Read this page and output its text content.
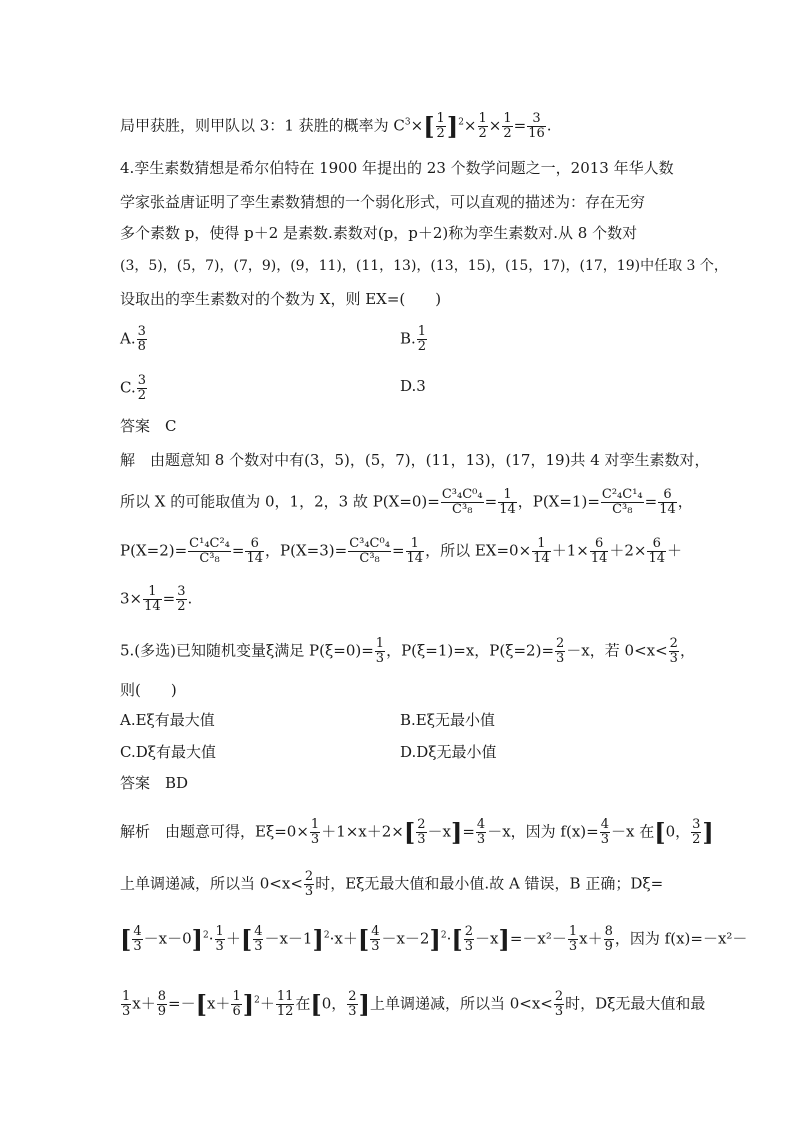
局甲获胜，则甲队以 3：1 获胜的概率为 $C^3\times[ \frac{1}{2} ]^2\times \frac{1}{2} \times \frac{1}{2} = \frac{3}{16}$ .
4.孪生素数猜想是希尔伯特在 1900 年提出的 23 个数学问题之一，2013 年华人数
学家张益唐证明了孪生素数猜想的一个弱化形式，可以直观的描述为：存在无穷
多个素数 p，使得 p＋2 是素数.素数对(p，p＋2)称为孪生素数对.从 8 个数对
(3，5)，(5，7)，(7，9)，(9，11)，(11，13)，(13，15)，(15，17)，(17，19)中任取 3 个，
设取出的孪生素数对的个数为 X，则 EX=(　　)
A. $\frac{3}{8}$	B. $\frac{1}{2}$
C. $\frac{3}{2}$	D.3
答案　C
解　由题意知 8 个数对中有(3，5)，(5，7)，(11，13)，(17，19)共 4 对孪生素数对，
所以 X 的可能取值为 0，1，2，3 故 $P(X=0)= \frac{\text{C³₄C⁰₄}}{\text{C³₈}} = \frac{1}{14}$ ，$P(X=1)= \frac{\text{C²₄C¹₄}}{\text{C³₈}} = \frac{6}{14}$ ，
$P(X=2)= \frac{\text{C¹₄C²₄}}{\text{C³₈}} = \frac{6}{14}$ ，$P(X=3)= \frac{\text{C³₄C⁰₄}}{\text{C³₈}} = \frac{1}{14}$ ，所以 $EX=0\times \frac{1}{14} +1\times \frac{6}{14} +2\times \frac{6}{14}$ ＋
$3\times \frac{1}{14} = \frac{3}{2}$ .
5.(多选)已知随机变量ξ满足 $P(\xi=0)= \frac{1}{3}$ ，P(ξ=1)=x，$P(\xi=2)= \frac{2}{3} -x$，若 $0<x< \frac{2}{3}$ ，
则(　　)
A.Eξ有最大值	B.Eξ无最小值
C.Dξ有最大值	D.Dξ无最小值
答案　BD
解析　由题意可得，$E\xi=0\times \frac{1}{3} +1\times x+2\times[ \frac{2}{3} -x]= \frac{4}{3} -x$，因为 $f(x)= \frac{4}{3} -x$ 在[0， $\frac{3}{2}$ ]
上单调递减，所以当 $0<x< \frac{2}{3}$ 时，Eξ无最大值和最小值.故 A 错误，B 正确；Dξ=
[ $\frac{4}{3} -x-0]^2\cdot \frac{1}{3}$ ＋[ $\frac{4}{3} -x-1]^2\cdot x+[ \frac{4}{3} -x-2]^2\cdot[ \frac{2}{3} -x]=-x^2- \frac{1}{3} x+ \frac{8}{9}$ ，因为 f(x)=－x²－
$\frac{1}{3} x+ \frac{8}{9} =-[x+ \frac{1}{6} ]^2+ \frac{11}{12}$ 在[0， $\frac{2}{3}$ ]上单调递减，所以当 $0<x< \frac{2}{3}$ 时，Dξ无最大值和最
